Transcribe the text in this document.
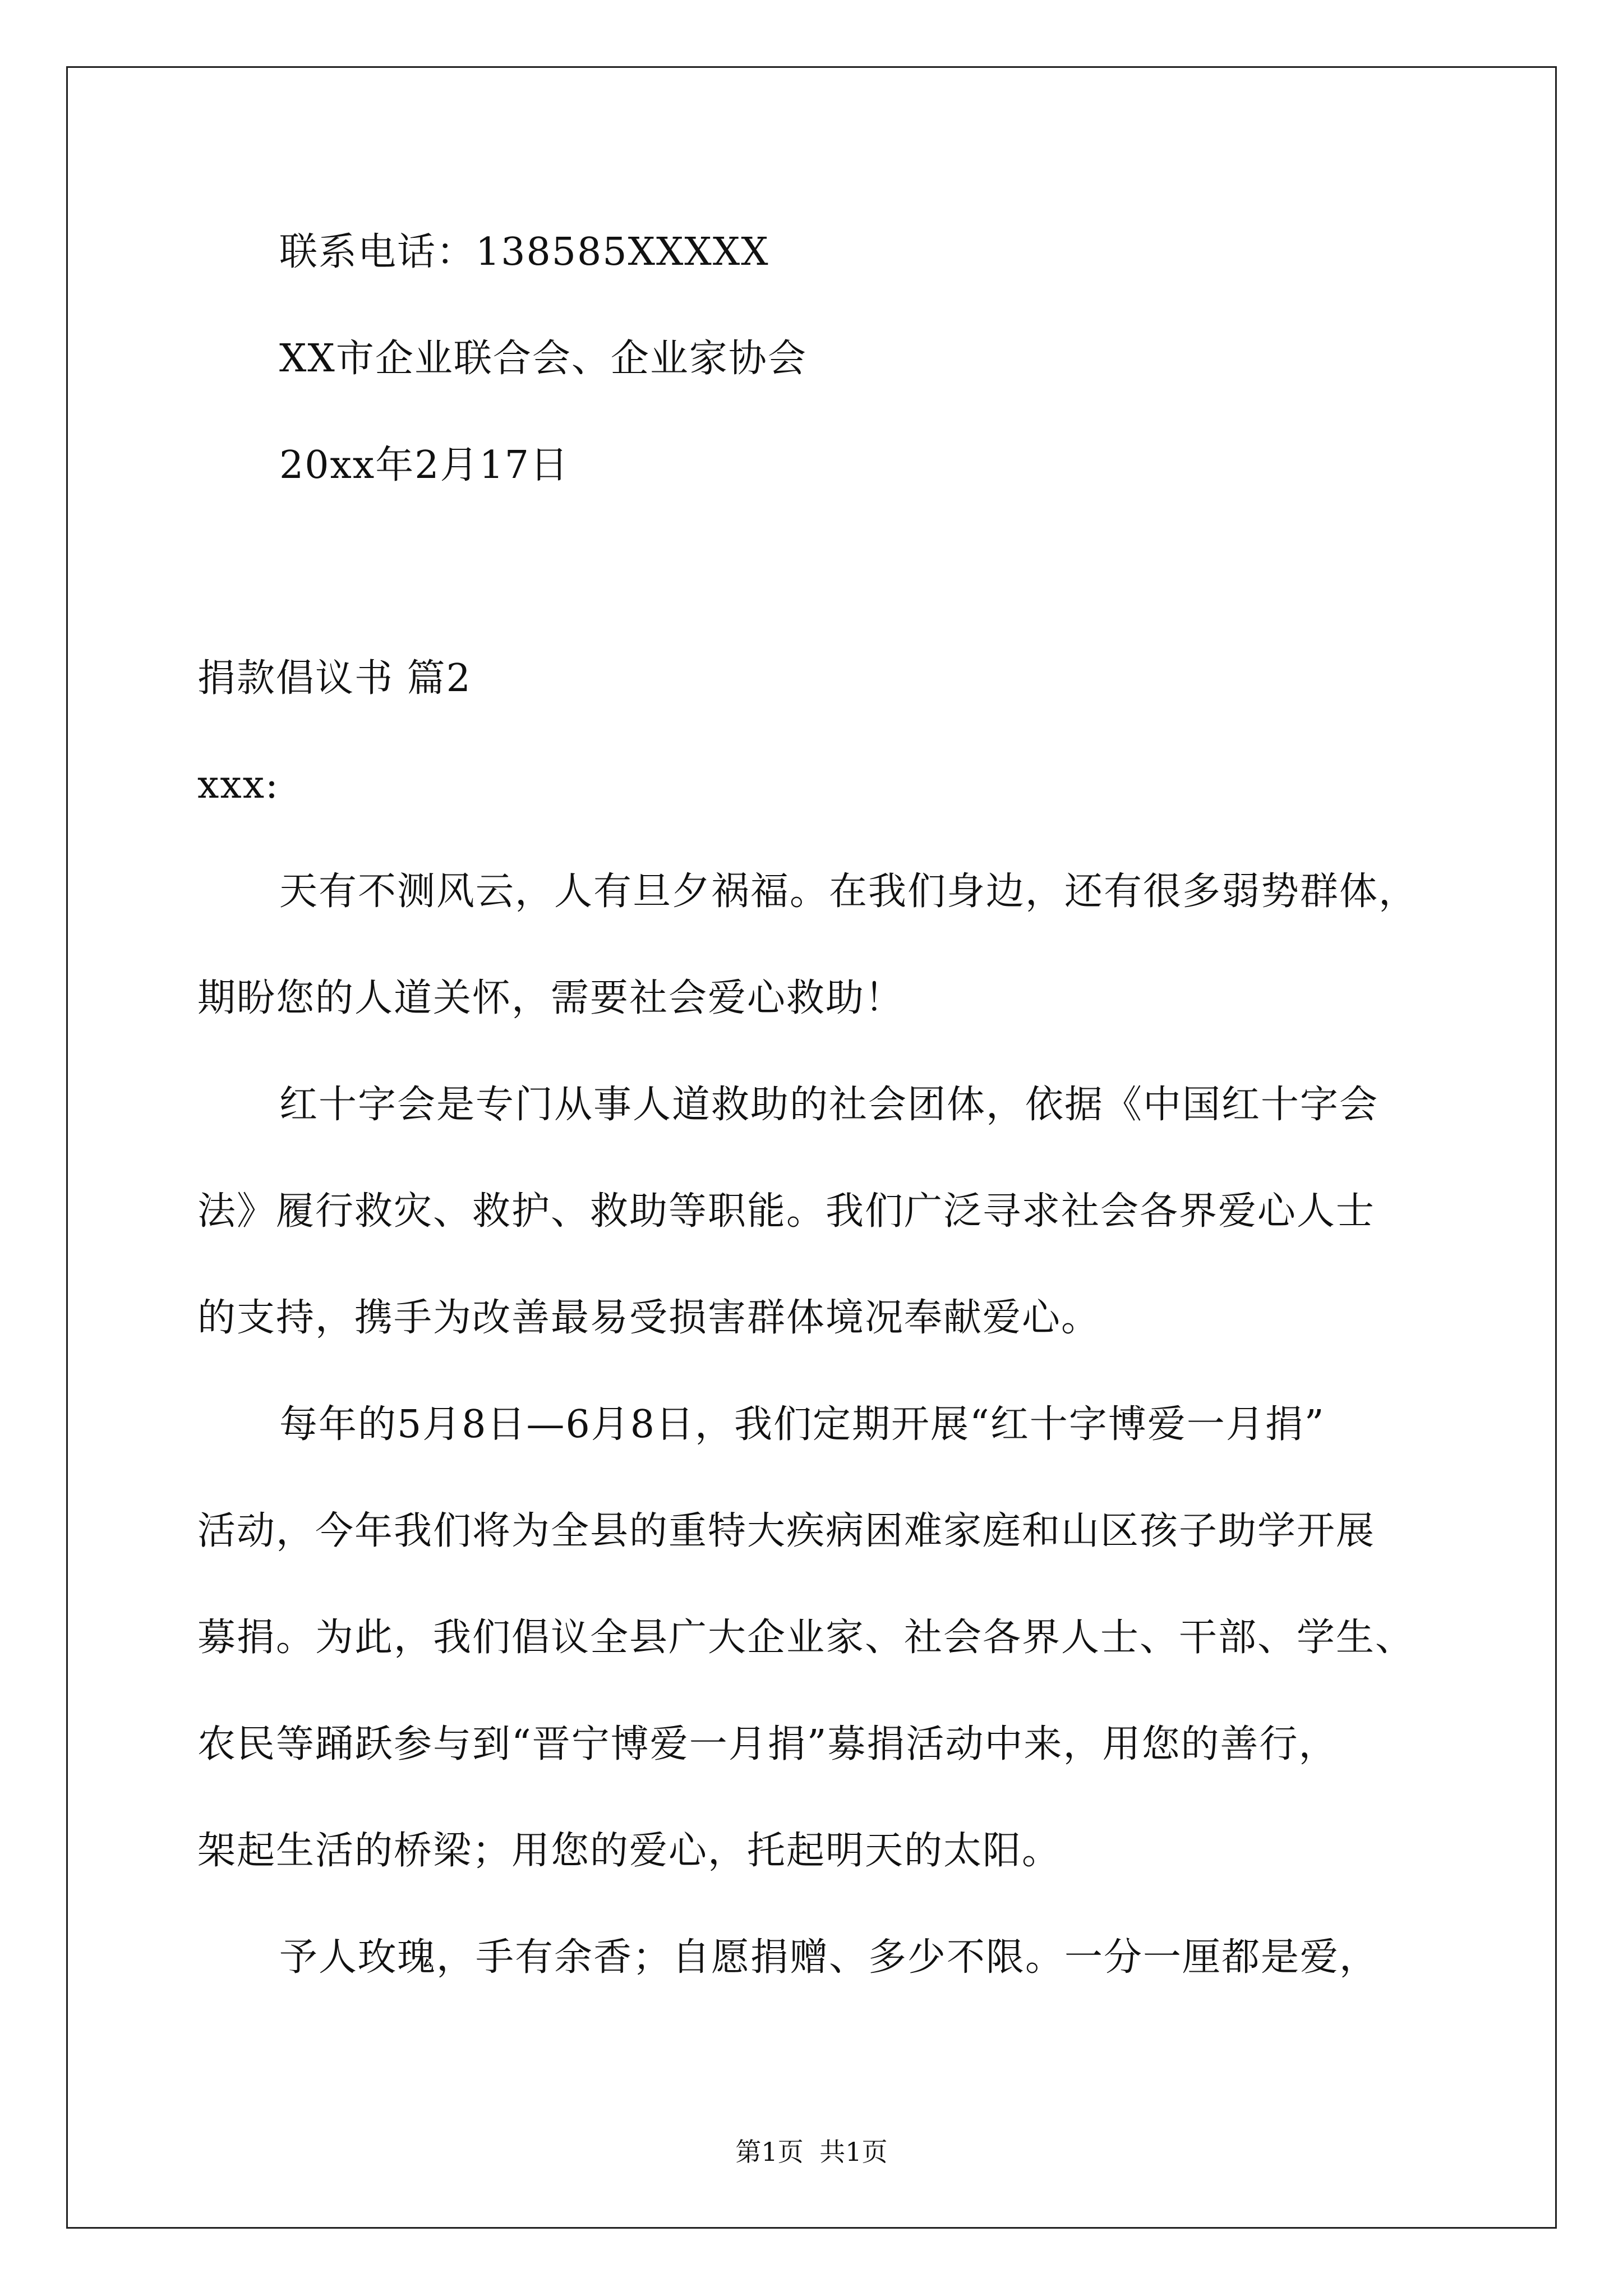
联系电话：138585XXXXX
XX市企业联合会、企业家协会
20xx年2月17日
捐款倡议书 篇2
xxx:
天有不测风云，人有旦夕祸福。在我们身边，还有很多弱势群体，
期盼您的人道关怀，需要社会爱心救助！
红十字会是专门从事人道救助的社会团体，依据《中国红十字会
法》履行救灾、救护、救助等职能。我们广泛寻求社会各界爱心人士
的支持，携手为改善最易受损害群体境况奉献爱心。
每年的5月8日—6月8日，我们定期开展“红十字博爱一月捐”
活动，今年我们将为全县的重特大疾病困难家庭和山区孩子助学开展
募捐。为此，我们倡议全县广大企业家、社会各界人士、干部、学生、
农民等踊跃参与到“晋宁博爱一月捐”募捐活动中来，用您的善行，
架起生活的桥梁；用您的爱心，托起明天的太阳。
予人玫瑰，手有余香；自愿捐赠、多少不限。一分一厘都是爱，
第1页 共1页
